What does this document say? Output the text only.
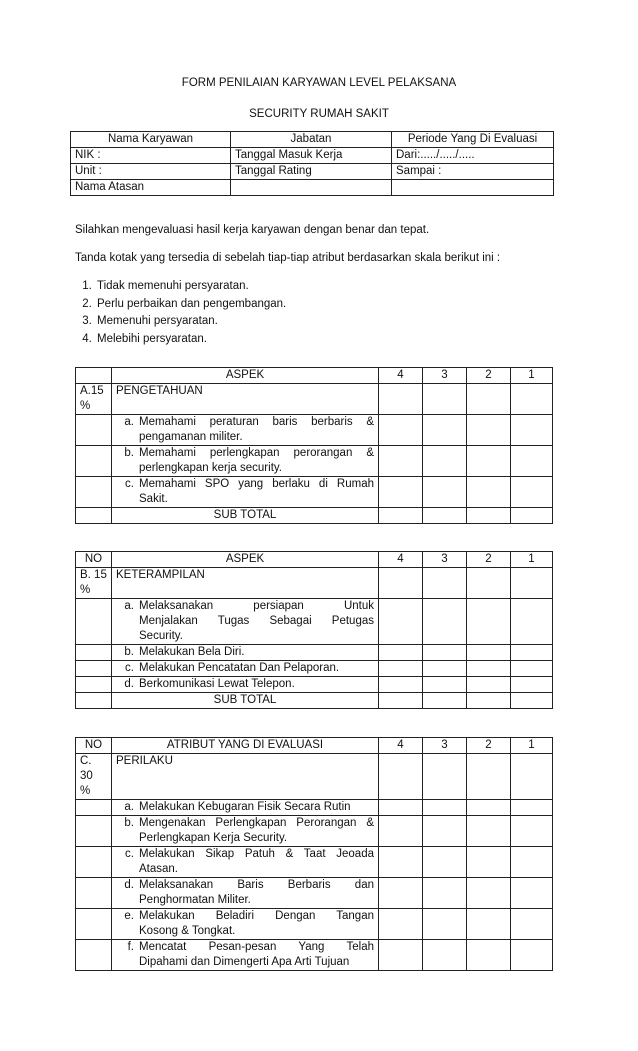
FORM PENILAIAN KARYAWAN LEVEL PELAKSANA
SECURITY RUMAH SAKIT
Nama Karyawan	Jabatan	Periode Yang Di Evaluasi
NIK :	Tanggal Masuk Kerja	Dari:...../...../.....
Unit :	Tanggal Rating	Sampai :
Nama Atasan		
Silahkan mengevaluasi hasil kerja karyawan dengan benar dan tepat.
Tanda kotak yang tersedia di sebelah tiap-tiap atribut berdasarkan skala berikut ini :
1. Tidak memenuhi persyaratan.
2. Perlu perbaikan dan pengembangan.
3. Memenuhi persyaratan.
4. Melebihi persyaratan.
	ASPEK	4	3	2	1

A.15
%	PENGETAHUAN				

	a. Memahami peraturan baris berbaris &
pengamanan militer.				

	b. Memahami perlengkapan perorangan &
perlengkapan kerja security.				

	c. Memahami SPO yang berlaku di Rumah
Sakit.				

	SUB TOTAL				
NO	ASPEK	4	3	2	1

B. 15
%	KETERAMPILAN				

	a. Melaksanakan persiapan Untuk
Menjalakan Tugas Sebagai Petugas
Security.				

	b. Melakukan Bela Diri.				

	c. Melakukan Pencatatan Dan Pelaporan.				

	d. Berkomunikasi Lewat Telepon.				

	SUB TOTAL				
NO	ATRIBUT YANG DI EVALUASI	4	3	2	1

C. 30
%	PERILAKU				

	a. Melakukan Kebugaran Fisik Secara Rutin				

	b. Mengenakan Perlengkapan Perorangan &
Perlengkapan Kerja Security.				

	c. Melakukan Sikap Patuh & Taat Jeoada
Atasan.				

	d. Melaksanakan Baris Berbaris dan
Penghormatan Militer.				

	e. Melakukan Beladiri Dengan Tangan
Kosong & Tongkat.				

	f. Mencatat Pesan-pesan Yang Telah
Dipahami dan Dimengerti Apa Arti Tujuan				
